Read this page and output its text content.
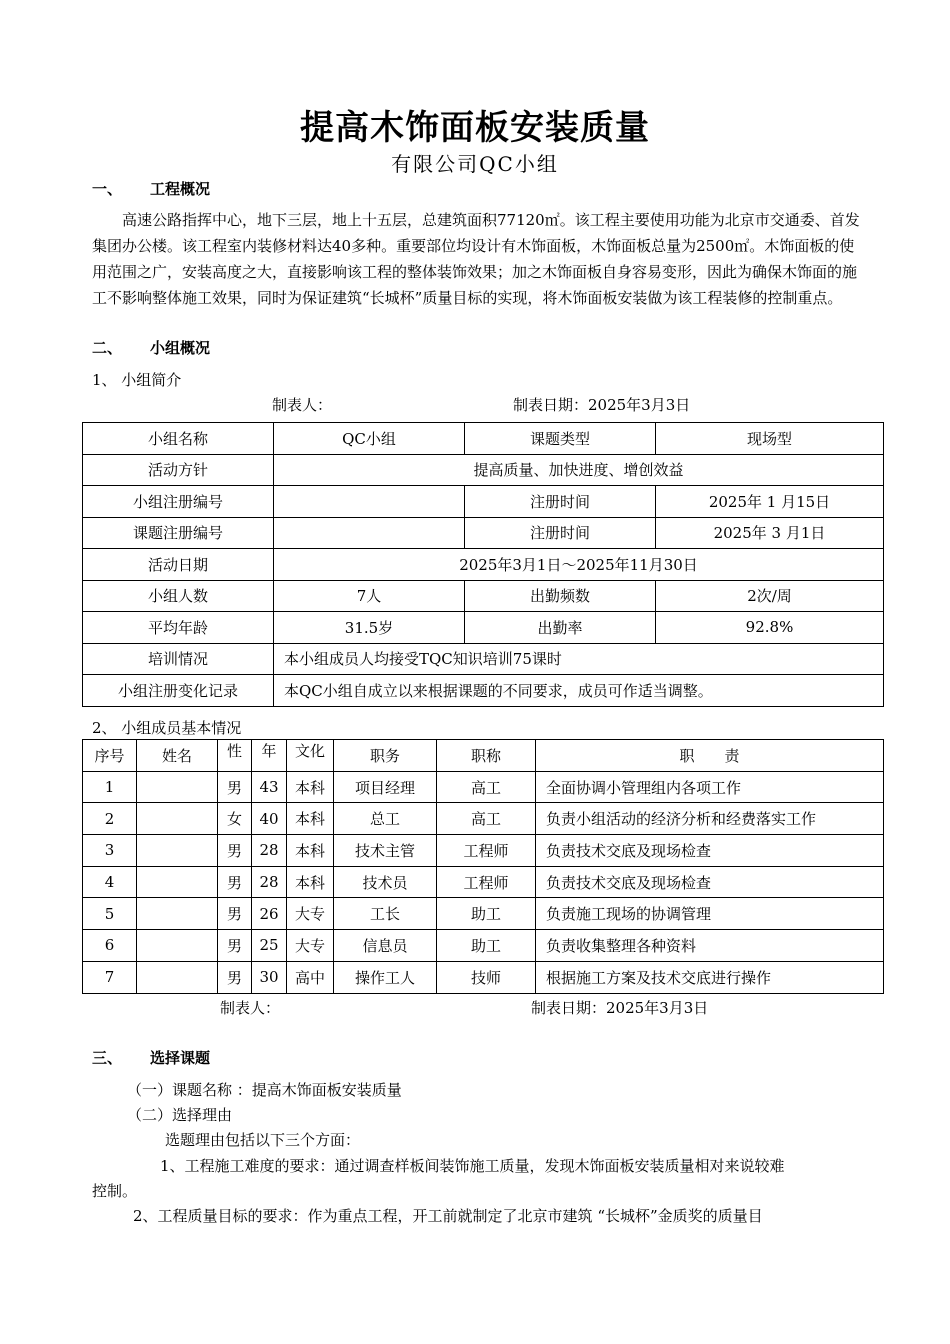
提高木饰面板安装质量
有限公司QC小组
一、 工程概况
高速公路指挥中心，地下三层，地上十五层，总建筑面积77120㎡。该工程主要使用功能为北京市交通委、首发集团办公楼。该工程室内装修材料达40多种。重要部位均设计有木饰面板，木饰面板总量为2500㎡。木饰面板的使用范围之广，安装高度之大，直接影响该工程的整体装饰效果；加之木饰面板自身容易变形，因此为确保木饰面的施工不影响整体施工效果，同时为保证建筑“长城杯”质量目标的实现，将木饰面板安装做为该工程装修的控制重点。
二、 小组概况
1、 小组简介
制表人：	制表日期：2025年3月3日
小组名称	QC小组	课题类型	现场型
活动方针	提高质量、加快进度、增创效益		
小组注册编号		注册时间	2025年 1 月15日
课题注册编号		注册时间	2025年 3 月1日
活动日期	2025年3月1日～2025年11月30日		
小组人数	7人	出勤频数	2次/周
平均年龄	31.5岁	出勤率	92.8%
培训情况	本小组成员人均接受TQC知识培训75课时		
小组注册变化记录	本QC小组自成立以来根据课题的不同要求，成员可作适当调整。		
2、 小组成员基本情况
序号	姓名	性	年	文化	职务	职称	职　　责
1		男	43	本科	项目经理	高工	全面协调小管理组内各项工作
2		女	40	本科	总工	高工	负责小组活动的经济分析和经费落实工作
3		男	28	本科	技术主管	工程师	负责技术交底及现场检查
4		男	28	本科	技术员	工程师	负责技术交底及现场检查
5		男	26	大专	工长	助工	负责施工现场的协调管理
6		男	25	大专	信息员	助工	负责收集整理各种资料
7		男	30	高中	操作工人	技师	根据施工方案及技术交底进行操作
制表人：	制表日期：2025年3月3日
三、 选择课题
（一）课题名称 ：提高木饰面板安装质量
（二）选择理由
选题理由包括以下三个方面：
1、工程施工难度的要求：通过调查样板间装饰施工质量，发现木饰面板安装质量相对来说较难
控制。
2、工程质量目标的要求：作为重点工程，开工前就制定了北京市建筑 “长城杯”金质奖的质量目
